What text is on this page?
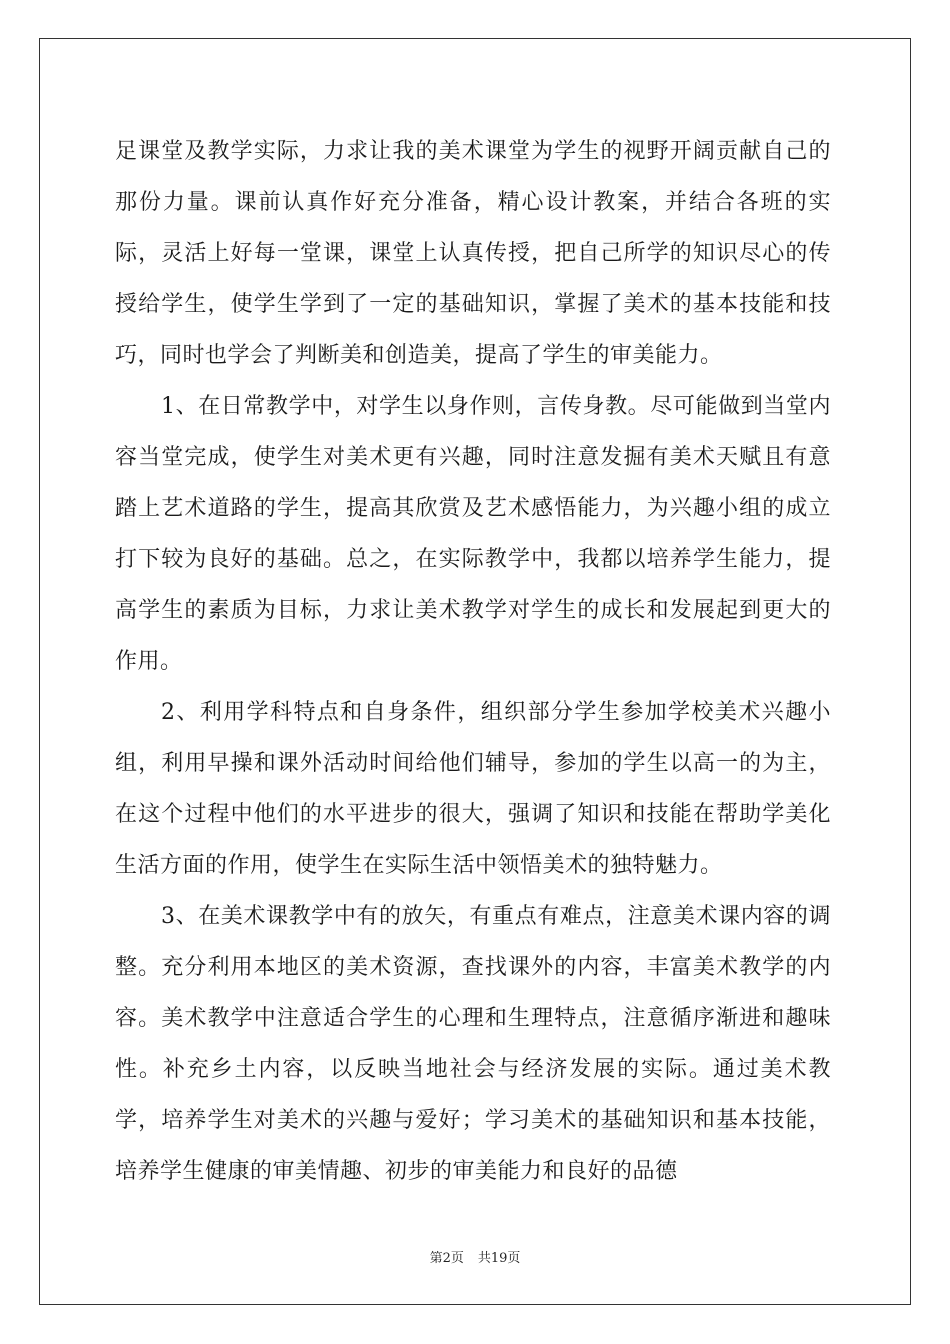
足课堂及教学实际，力求让我的美术课堂为学生的视野开阔贡献自己的那份力量。课前认真作好充分准备，精心设计教案，并结合各班的实际，灵活上好每一堂课，课堂上认真传授，把自己所学的知识尽心的传授给学生，使学生学到了一定的基础知识，掌握了美术的基本技能和技巧，同时也学会了判断美和创造美，提高了学生的审美能力。

1、在日常教学中，对学生以身作则，言传身教。尽可能做到当堂内容当堂完成，使学生对美术更有兴趣，同时注意发掘有美术天赋且有意踏上艺术道路的学生，提高其欣赏及艺术感悟能力，为兴趣小组的成立打下较为良好的基础。总之，在实际教学中，我都以培养学生能力，提高学生的素质为目标，力求让美术教学对学生的成长和发展起到更大的作用。

2、利用学科特点和自身条件，组织部分学生参加学校美术兴趣小组，利用早操和课外活动时间给他们辅导，参加的学生以高一的为主，在这个过程中他们的水平进步的很大，强调了知识和技能在帮助学美化生活方面的作用，使学生在实际生活中领悟美术的独特魅力。

3、在美术课教学中有的放矢，有重点有难点，注意美术课内容的调整。充分利用本地区的美术资源，查找课外的内容，丰富美术教学的内容。美术教学中注意适合学生的心理和生理特点，注意循序渐进和趣味性。补充乡土内容，以反映当地社会与经济发展的实际。通过美术教学，培养学生对美术的兴趣与爱好；学习美术的基础知识和基本技能，培养学生健康的审美情趣、初步的审美能力和良好的品德

第2页 共19页
